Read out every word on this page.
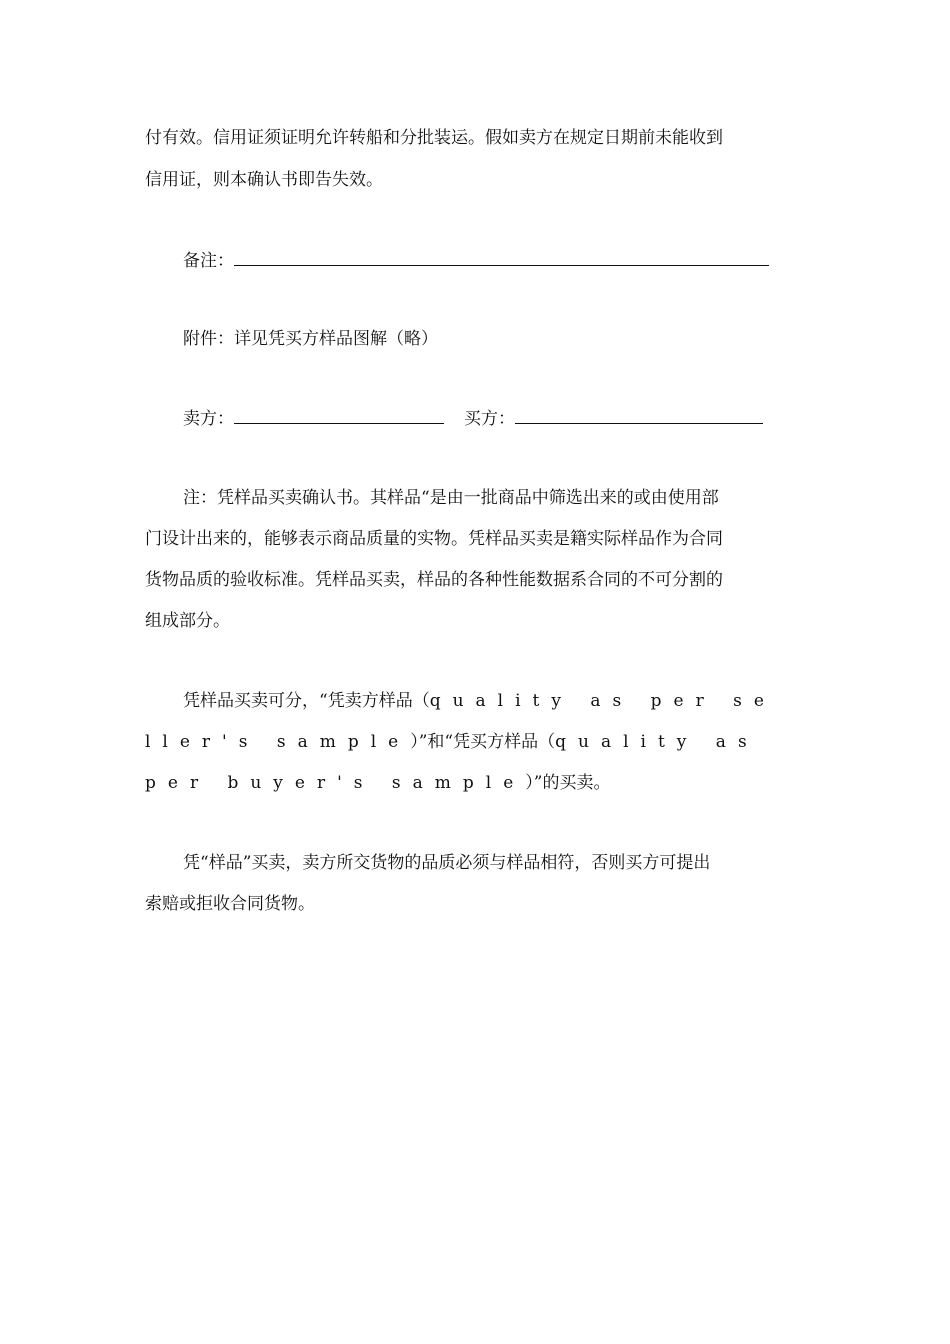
付有效。信用证须证明允许转船和分批装运。假如卖方在规定日期前未能收到
信用证，则本确认书即告失效。
备注：
附件：详见凭买方样品图解（略）
卖方：	买方：
注：凭样品买卖确认书。其样品“是由一批商品中筛选出来的或由使用部
门设计出来的，能够表示商品质量的实物。凭样品买卖是籍实际样品作为合同
货物品质的验收标准。凭样品买卖，样品的各种性能数据系合同的不可分割的
组成部分。
凭样品买卖可分，“凭卖方样品（quality as per se
ller's sample）”和“凭买方样品（quality as
per buyer's sample）”的买卖。
凭“样品”买卖，卖方所交货物的品质必须与样品相符，否则买方可提出
索赔或拒收合同货物。
